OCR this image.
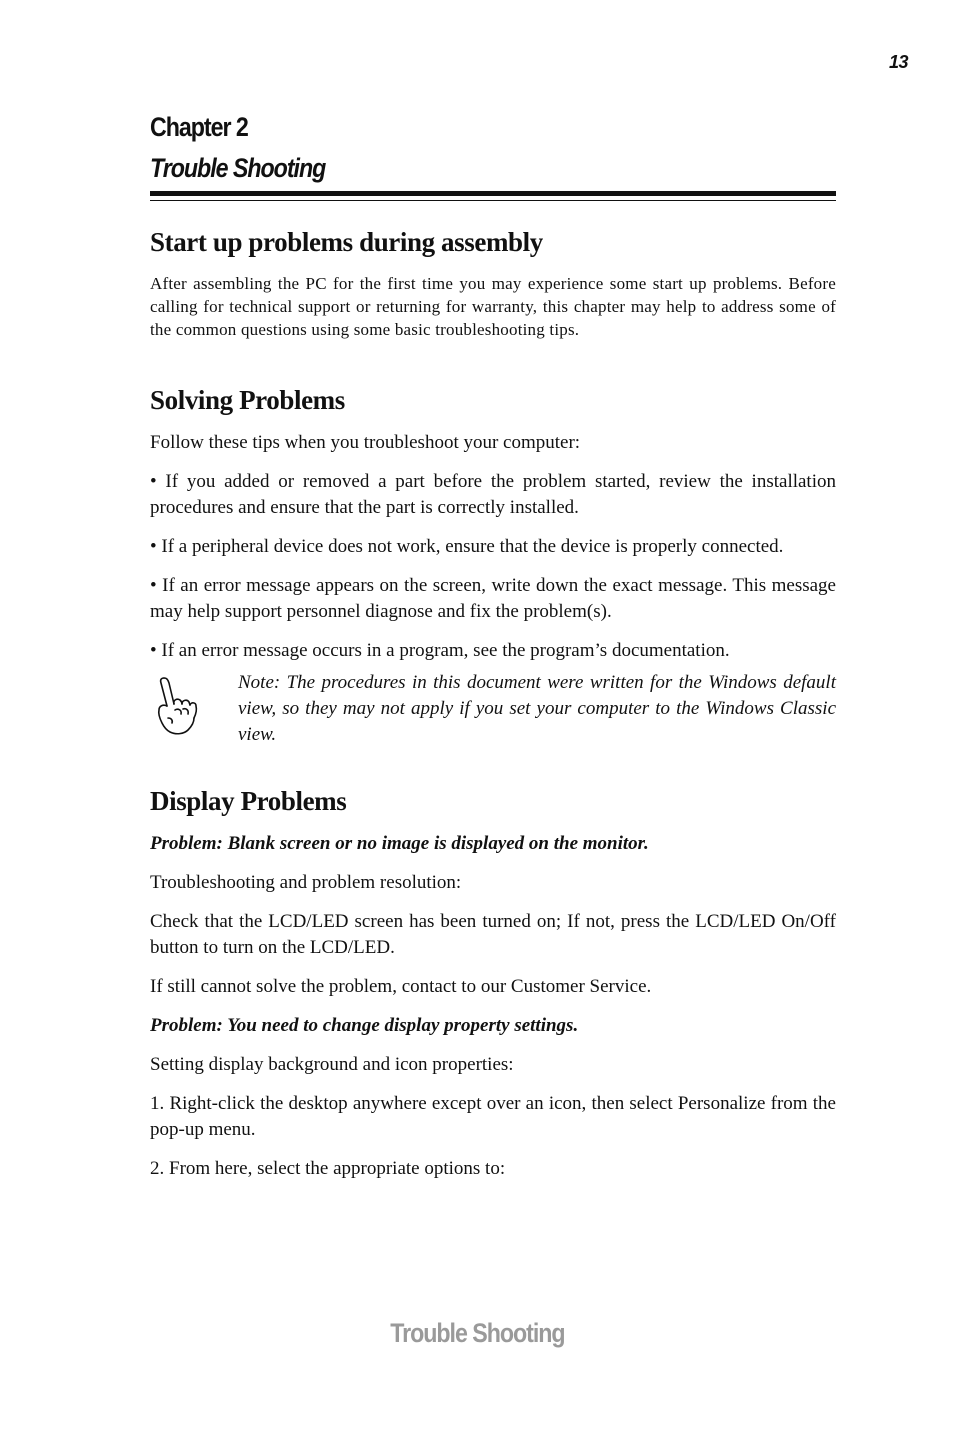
13
Chapter 2
Trouble Shooting
Start up problems during assembly

After assembling the PC for the first time you may experience some start up problems. Before calling for technical support or returning for warranty, this chapter may help to address some of the common questions using some basic troubleshooting tips.

Solving Problems

Follow these tips when you troubleshoot your computer:

• If you added or removed a part before the problem started, review the installation procedures and ensure that the part is correctly installed.

• If a peripheral device does not work, ensure that the device is properly connected.

• If an error message appears on the screen, write down the exact message. This message may help support personnel diagnose and fix the problem(s).

• If an error message occurs in a program, see the program’s documentation.

Note: The procedures in this document were written for the Windows default view, so they may not apply if you set your computer to the Windows Classic view.

Display Problems

Problem: Blank screen or no image is displayed on the monitor.

Troubleshooting and problem resolution:

Check that the LCD/LED screen has been turned on; If not, press the LCD/LED On/Off button to turn on the LCD/LED.

If still cannot solve the problem, contact to our Customer Service.

Problem: You need to change display property settings.

Setting display background and icon properties:

1. Right-click the desktop anywhere except over an icon, then select Personalize from the pop-up menu.

2. From here, select the appropriate options to:

Trouble Shooting
